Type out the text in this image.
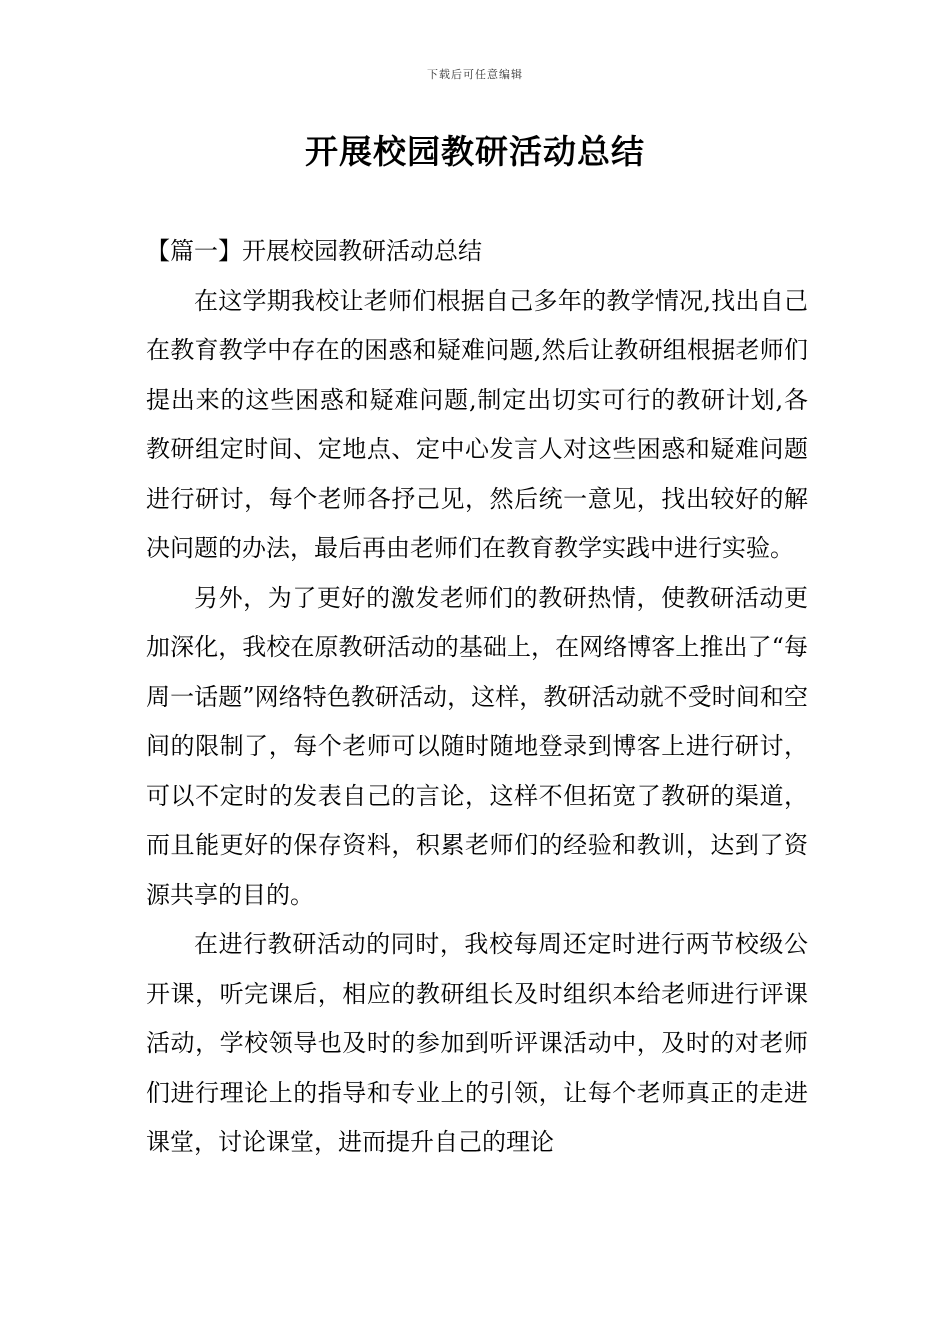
下载后可任意编辑
开展校园教研活动总结

【篇一】开展校园教研活动总结

在这学期我校让老师们根据自己多年的教学情况,找出自己在教育教学中存在的困惑和疑难问题,然后让教研组根据老师们提出来的这些困惑和疑难问题,制定出切实可行的教研计划,各教研组定时间、定地点、定中心发言人对这些困惑和疑难问题进行研讨，每个老师各抒己见，然后统一意见，找出较好的解决问题的办法，最后再由老师们在教育教学实践中进行实验。

另外，为了更好的激发老师们的教研热情，使教研活动更加深化，我校在原教研活动的基础上，在网络博客上推出了“每周一话题”网络特色教研活动，这样，教研活动就不受时间和空间的限制了，每个老师可以随时随地登录到博客上进行研讨，可以不定时的发表自己的言论，这样不但拓宽了教研的渠道，而且能更好的保存资料，积累老师们的经验和教训，达到了资源共享的目的。

在进行教研活动的同时，我校每周还定时进行两节校级公开课，听完课后，相应的教研组长及时组织本给老师进行评课活动，学校领导也及时的参加到听评课活动中，及时的对老师们进行理论上的指导和专业上的引领，让每个老师真正的走进课堂，讨论课堂，进而提升自己的理论
